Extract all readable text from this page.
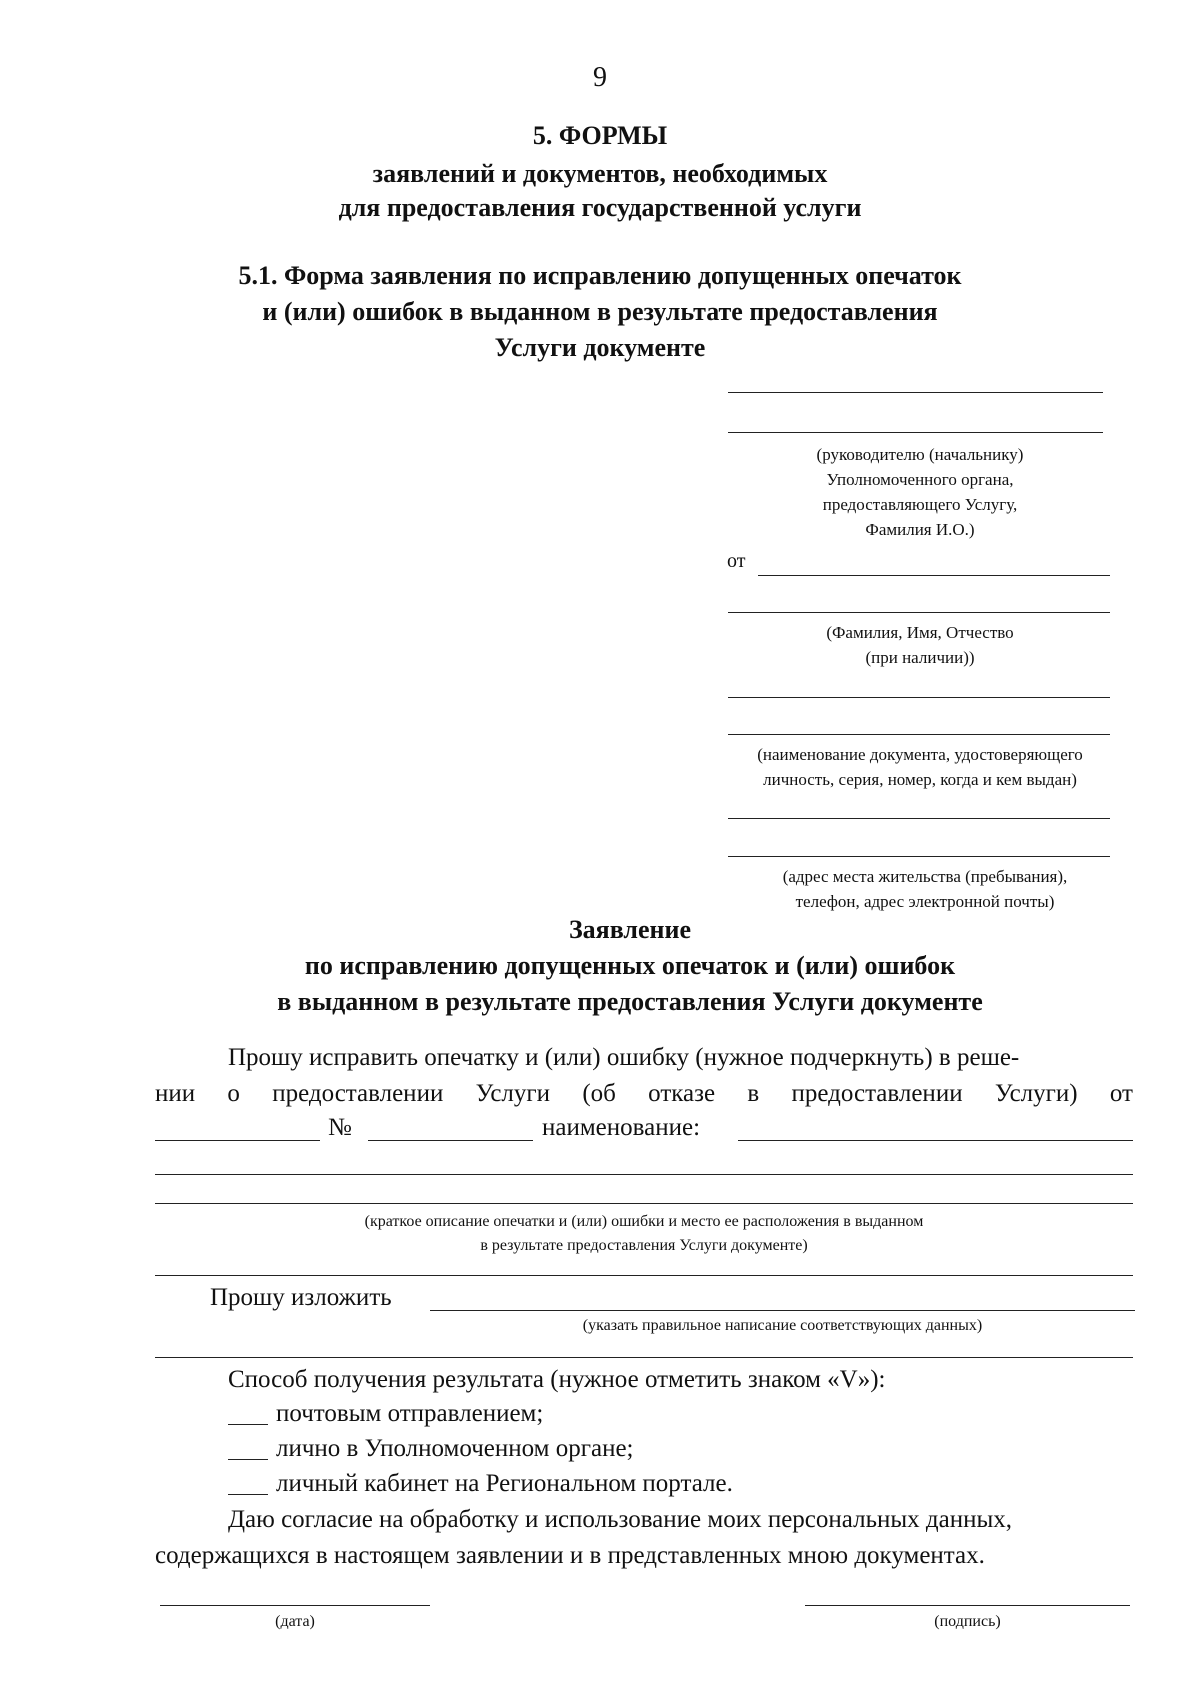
9
5. ФОРМЫ
заявлений и документов, необходимых
для предоставления государственной услуги
5.1. Форма заявления по исправлению допущенных опечаток
и (или) ошибок в выданном в результате предоставления
Услуги документе
(руководителю (начальнику)
Уполномоченного органа,
предоставляющего Услугу,
Фамилия И.О.)
от
(Фамилия, Имя, Отчество
(при наличии))
(наименование документа, удостоверяющего
личность, серия, номер, когда и кем выдан)
(адрес места жительства (пребывания),
телефон, адрес электронной почты)
Заявление
по исправлению допущенных опечаток и (или) ошибок
в выданном в результате предоставления Услуги документе
Прошу исправить опечатку и (или) ошибку (нужное подчеркнуть) в реше-
нии о предоставлении Услуги (об отказе в предоставлении Услуги) от
№	наименование:
(краткое описание опечатки и (или) ошибки и место ее расположения в выданном
в результате предоставления Услуги документе)
Прошу изложить
(указать правильное написание соответствующих данных)
Способ получения результата (нужное отметить знаком «V»):
почтовым отправлением;
лично в Уполномоченном органе;
личный кабинет на Региональном портале.
Даю согласие на обработку и использование моих персональных данных,
содержащихся в настоящем заявлении и в представленных мною документах.
(дата)	(подпись)
